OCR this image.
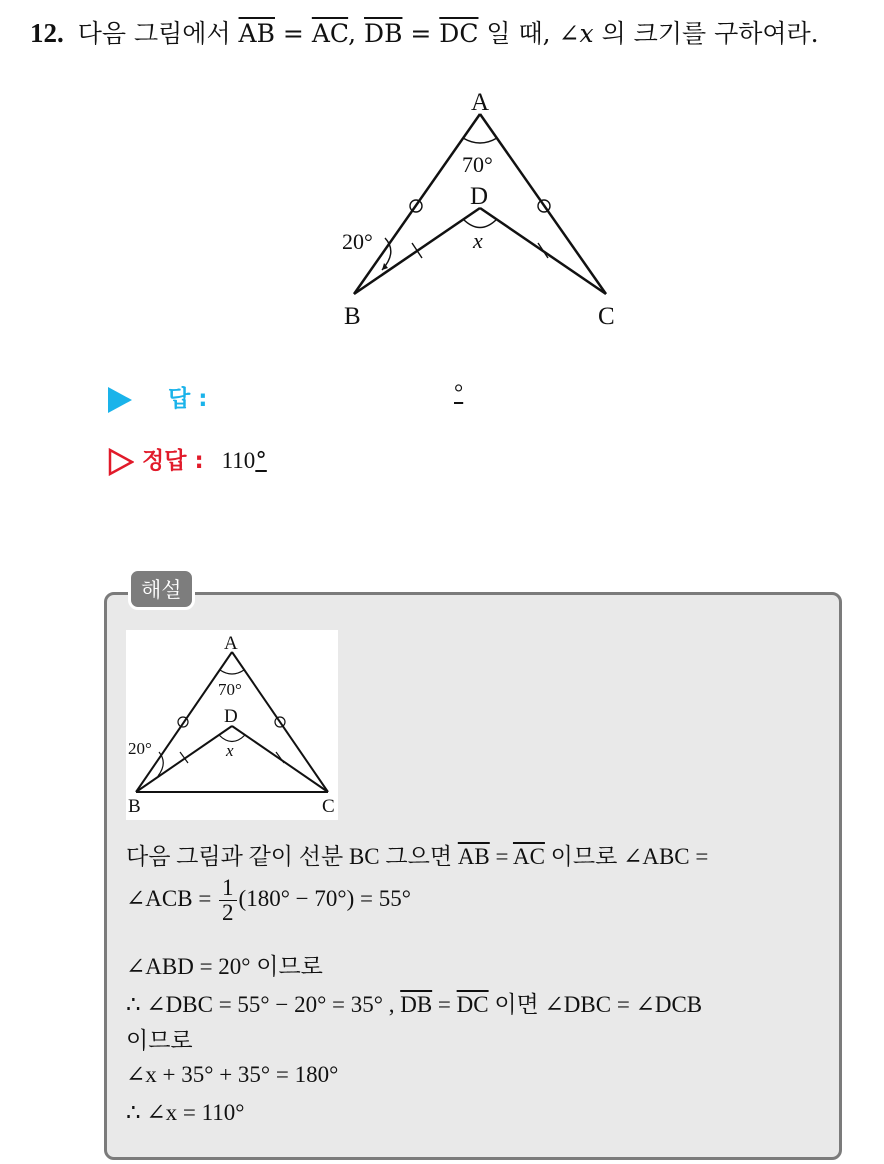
12. 다음 그림에서 $\overline{AB} = \overline{AC}$, $\overline{DB} = \overline{DC}$ 일 때, ∠x 의 크기를 구하여라.
A
B	C
D
70°
20°	x
답 :	°
정답 : 110°
해설
A
B	C
D
70°
20°	x
다음 그림과 같이 선분 BC 그으면 $\overline{AB} = \overline{AC}$ 이므로 ∠ABC =
∠ACB = $\frac{1}{2} (180^\circ - 70^\circ) = 55^\circ$
∠ABD = 20° 이므로
∴ ∠DBC = 55° − 20° = 35° , $\overline{DB} = \overline{DC}$ 이면 ∠DBC = ∠DCB
이므로
∠x + 35° + 35° = 180°
∴ ∠x = 110°
